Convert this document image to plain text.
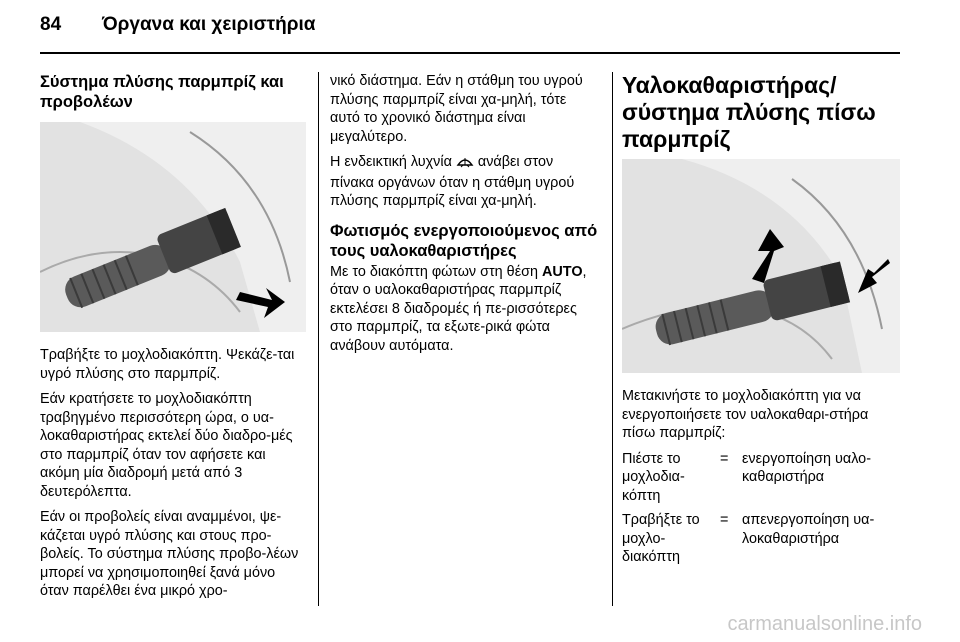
84 Όργανα και χειριστήρια
Σύστημα πλύσης παρμπρίζ και προβολέων

Τραβήξτε το μοχλοδιακόπτη. Ψεκάζε-ται υγρό πλύσης στο παρμπρίζ.

Εάν κρατήσετε το μοχλοδιακόπτη τραβηγμένο περισσότερη ώρα, ο υα-λοκαθαριστήρας εκτελεί δύο διαδρο-μές στο παρμπρίζ όταν τον αφήσετε και ακόμη μία διαδρομή μετά από 3 δευτερόλεπτα.

Εάν οι προβολείς είναι αναμμένοι, ψε-κάζεται υγρό πλύσης και στους προ-βολείς. Το σύστημα πλύσης προβο-λέων μπορεί να χρησιμοποιηθεί ξανά μόνο όταν παρέλθει ένα μικρό χρο-

νικό διάστημα. Εάν η στάθμη του υγρού πλύσης παρμπρίζ είναι χα-μηλή, τότε αυτό το χρονικό διάστημα είναι μεγαλύτερο.

Η ενδεικτική λυχνία ανάβει στον πίνακα οργάνων όταν η στάθμη υγρού πλύσης παρμπρίζ είναι χα-μηλή.

Φωτισμός ενεργοποιούμενος από τους υαλοκαθαριστήρες

Με το διακόπτη φώτων στη θέση AUTO, όταν ο υαλοκαθαριστήρας παρμπρίζ εκτελέσει 8 διαδρομές ή πε-ρισσότερες στο παρμπρίζ, τα εξωτε-ρικά φώτα ανάβουν αυτόματα.

Υαλοκαθαριστήρας/ σύστημα πλύσης πίσω παρμπρίζ

Μετακινήστε το μοχλοδιακόπτη για να ενεργοποιήσετε τον υαλοκαθαρι-στήρα πίσω παρμπρίζ:

Πιέστε το μοχλοδια-κόπτη	=	ενεργοποίηση υαλο-καθαριστήρα
Τραβήξτε το μοχλο-διακόπτη	=	απενεργοποίηση υα-λοκαθαριστήρα
carmanualsonline.info
